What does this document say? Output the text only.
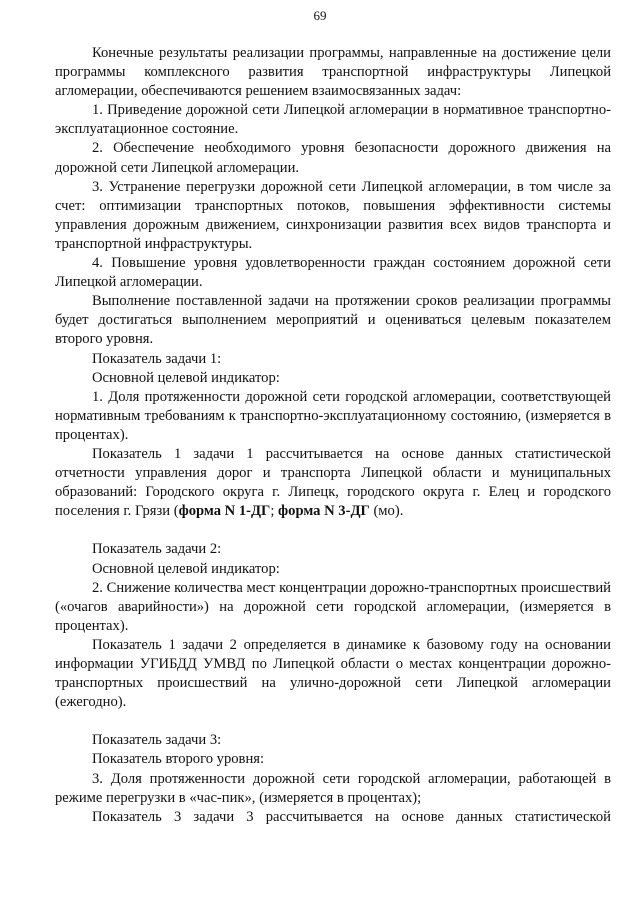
69

Конечные результаты реализации программы, направленные на достижение цели программы комплексного развития транспортной инфраструктуры Липецкой агломерации, обеспечиваются решением взаимосвязанных задач:

1. Приведение дорожной сети Липецкой агломерации в нормативное транспортно-эксплуатационное состояние.

2. Обеспечение необходимого уровня безопасности дорожного движения на дорожной сети Липецкой агломерации.

3. Устранение перегрузки дорожной сети Липецкой агломерации, в том числе за счет: оптимизации транспортных потоков, повышения эффективности системы управления дорожным движением, синхронизации развития всех видов транспорта и транспортной инфраструктуры.

4. Повышение уровня удовлетворенности граждан состоянием дорожной сети Липецкой агломерации.

Выполнение поставленной задачи на протяжении сроков реализации программы будет достигаться выполнением мероприятий и оцениваться целевым показателем второго уровня.

Показатель задачи 1:

Основной целевой индикатор:

1. Доля протяженности дорожной сети городской агломерации, соответствующей нормативным требованиям к транспортно-эксплуатационному состоянию, (измеряется в процентах).

Показатель 1 задачи 1 рассчитывается на основе данных статистической отчетности управления дорог и транспорта Липецкой области и муниципальных образований: Городского округа г. Липецк, городского округа г. Елец и городского поселения г. Грязи (форма N 1-ДГ; форма N 3-ДГ (мо).

Показатель задачи 2:

Основной целевой индикатор:

2. Снижение количества мест концентрации дорожно-транспортных происшествий («очагов аварийности») на дорожной сети городской агломерации, (измеряется в процентах).

Показатель 1 задачи 2 определяется в динамике к базовому году на основании информации УГИБДД УМВД по Липецкой области о местах концентрации дорожно-транспортных происшествий на улично-дорожной сети Липецкой агломерации (ежегодно).

Показатель задачи 3:

Показатель второго уровня:

3. Доля протяженности дорожной сети городской агломерации, работающей в режиме перегрузки в «час-пик», (измеряется в процентах);

Показатель 3 задачи 3 рассчитывается на основе данных статистической
